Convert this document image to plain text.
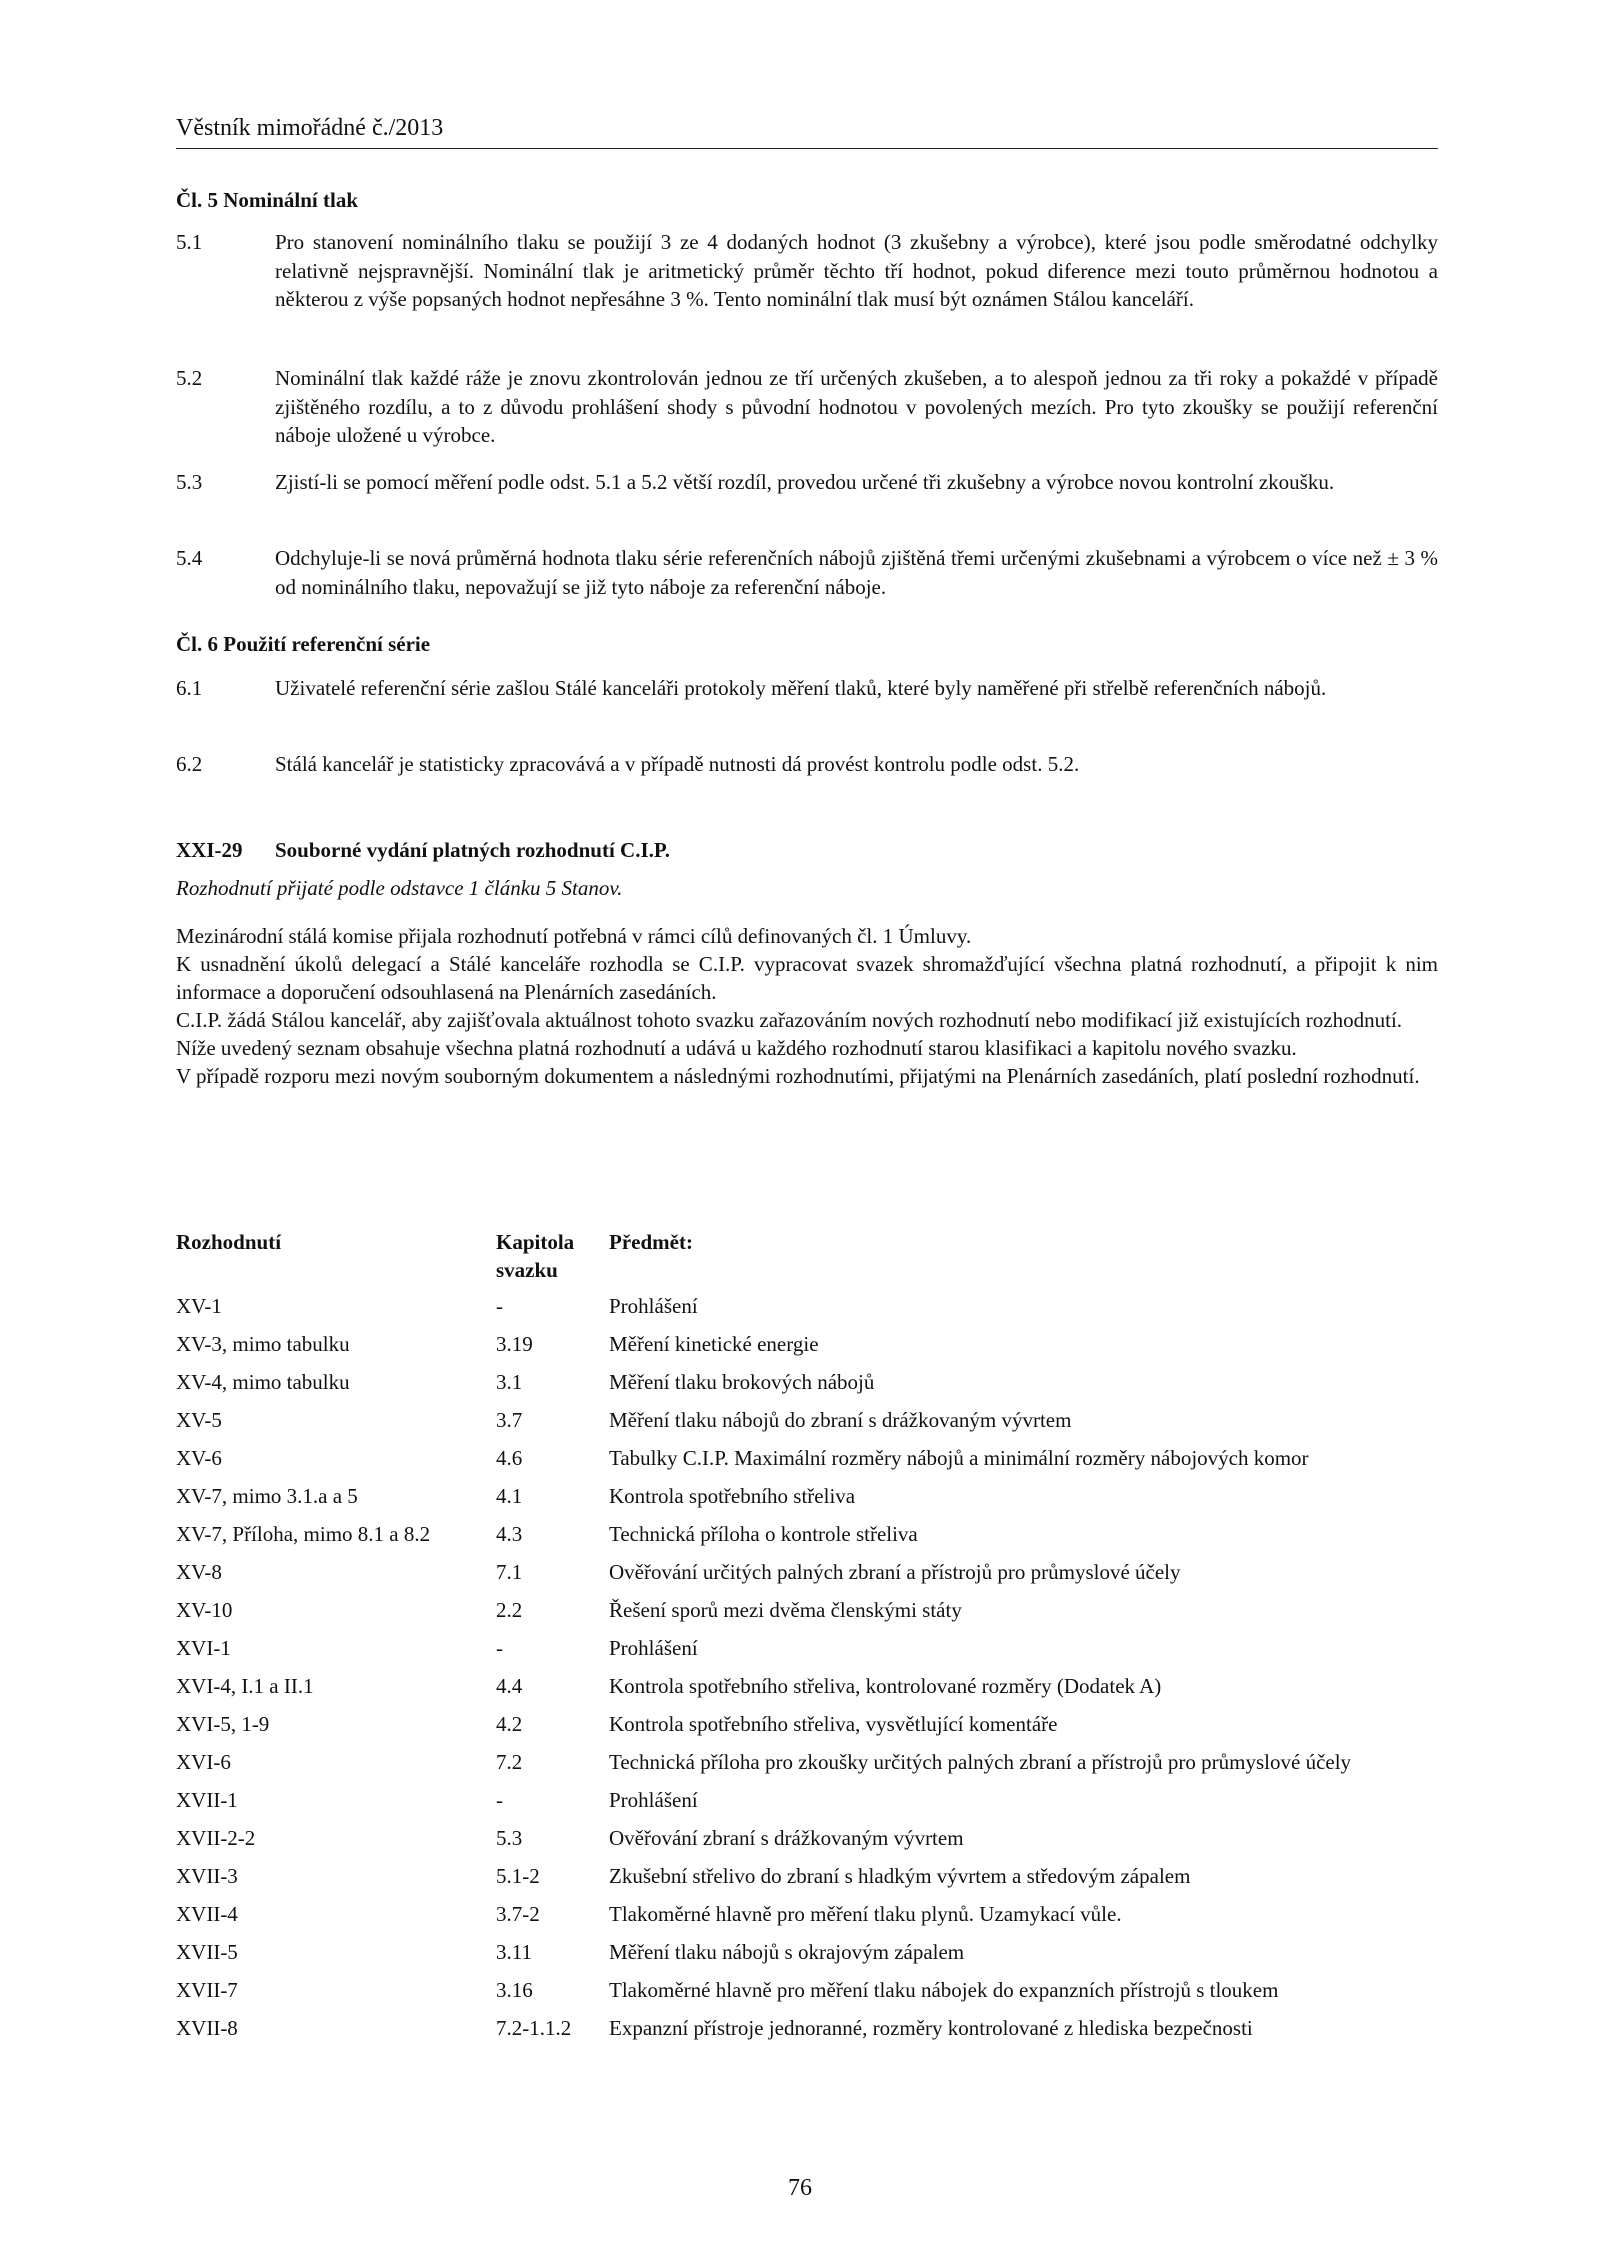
Věstník mimořádné č./2013
Čl. 5 Nominální tlak
5.1	Pro stanovení nominálního tlaku se použijí 3 ze 4 dodaných hodnot (3 zkušebny a výrobce), které jsou podle směrodatné odchylky relativně nejspravnější. Nominální tlak je aritmetický průměr těchto tří hodnot, pokud diference mezi touto průměrnou hodnotou a některou z výše popsaných hodnot nepřesáhne 3 %. Tento nominální tlak musí být oznámen Stálou kanceláří.
5.2	Nominální tlak každé ráže je znovu zkontrolován jednou ze tří určených zkušeben, a to alespoň jednou za tři roky a pokaždé v případě zjištěného rozdílu, a to z důvodu prohlášení shody s původní hodnotou v povolených mezích. Pro tyto zkoušky se použijí referenční náboje uložené u výrobce.
5.3	Zjistí-li se pomocí měření podle odst. 5.1 a 5.2 větší rozdíl, provedou určené tři zkušebny a výrobce novou kontrolní zkoušku.
5.4	Odchyluje-li se nová průměrná hodnota tlaku série referenčních nábojů zjištěná třemi určenými zkušebnami a výrobcem o více než ± 3 % od nominálního tlaku, nepovažují se již tyto náboje za referenční náboje.
Čl. 6 Použití referenční série
6.1	Uživatelé referenční série zašlou Stálé kanceláři protokoly měření tlaků, které byly naměřené při střelbě referenčních nábojů.
6.2	Stálá kancelář je statisticky zpracovává a v případě nutnosti dá provést kontrolu podle odst. 5.2.
XXI-29	Souborné vydání platných rozhodnutí C.I.P.
Rozhodnutí přijaté podle odstavce 1 článku 5 Stanov.

Mezinárodní stálá komise přijala rozhodnutí potřebná v rámci cílů definovaných čl. 1 Úmluvy.

K usnadnění úkolů delegací a Stálé kanceláře rozhodla se C.I.P. vypracovat svazek shromažďující všechna platná rozhodnutí, a připojit k nim informace a doporučení odsouhlasená na Plenárních zasedáních.

C.I.P. žádá Stálou kancelář, aby zajišťovala aktuálnost tohoto svazku zařazováním nových rozhodnutí nebo modifikací již existujících rozhodnutí.

Níže uvedený seznam obsahuje všechna platná rozhodnutí a udává u každého rozhodnutí starou klasifikaci a kapitolu nového svazku.

V případě rozporu mezi novým souborným dokumentem a následnými rozhodnutími, přijatými na Plenárních zasedáních, platí poslední rozhodnutí.

Rozhodnutí	Kapitola svazku	Předmět:
XV-1	-	Prohlášení
XV-3, mimo tabulku	3.19	Měření kinetické energie
XV-4, mimo tabulku	3.1	Měření tlaku brokových nábojů
XV-5	3.7	Měření tlaku nábojů do zbraní s drážkovaným vývrtem
XV-6	4.6	Tabulky C.I.P. Maximální rozměry nábojů a minimální rozměry nábojových komor
XV-7, mimo 3.1.a a 5	4.1	Kontrola spotřebního střeliva
XV-7, Příloha, mimo 8.1 a 8.2	4.3	Technická příloha o kontrole střeliva
XV-8	7.1	Ověřování určitých palných zbraní a přístrojů pro průmyslové účely
XV-10	2.2	Řešení sporů mezi dvěma členskými státy
XVI-1	-	Prohlášení
XVI-4, I.1 a II.1	4.4	Kontrola spotřebního střeliva, kontrolované rozměry (Dodatek A)
XVI-5, 1-9	4.2	Kontrola spotřebního střeliva, vysvětlující komentáře
XVI-6	7.2	Technická příloha pro zkoušky určitých palných zbraní a přístrojů pro průmyslové účely
XVII-1	-	Prohlášení
XVII-2-2	5.3	Ověřování zbraní s drážkovaným vývrtem
XVII-3	5.1-2	Zkušební střelivo do zbraní s hladkým vývrtem a středovým zápalem
XVII-4	3.7-2	Tlakoměrné hlavně pro měření tlaku plynů. Uzamykací vůle.
XVII-5	3.11	Měření tlaku nábojů s okrajovým zápalem
XVII-7	3.16	Tlakoměrné hlavně pro měření tlaku nábojek do expanzních přístrojů s tloukem
XVII-8	7.2-1.1.2	Expanzní přístroje jednoranné, rozměry kontrolované z hlediska bezpečnosti
76
